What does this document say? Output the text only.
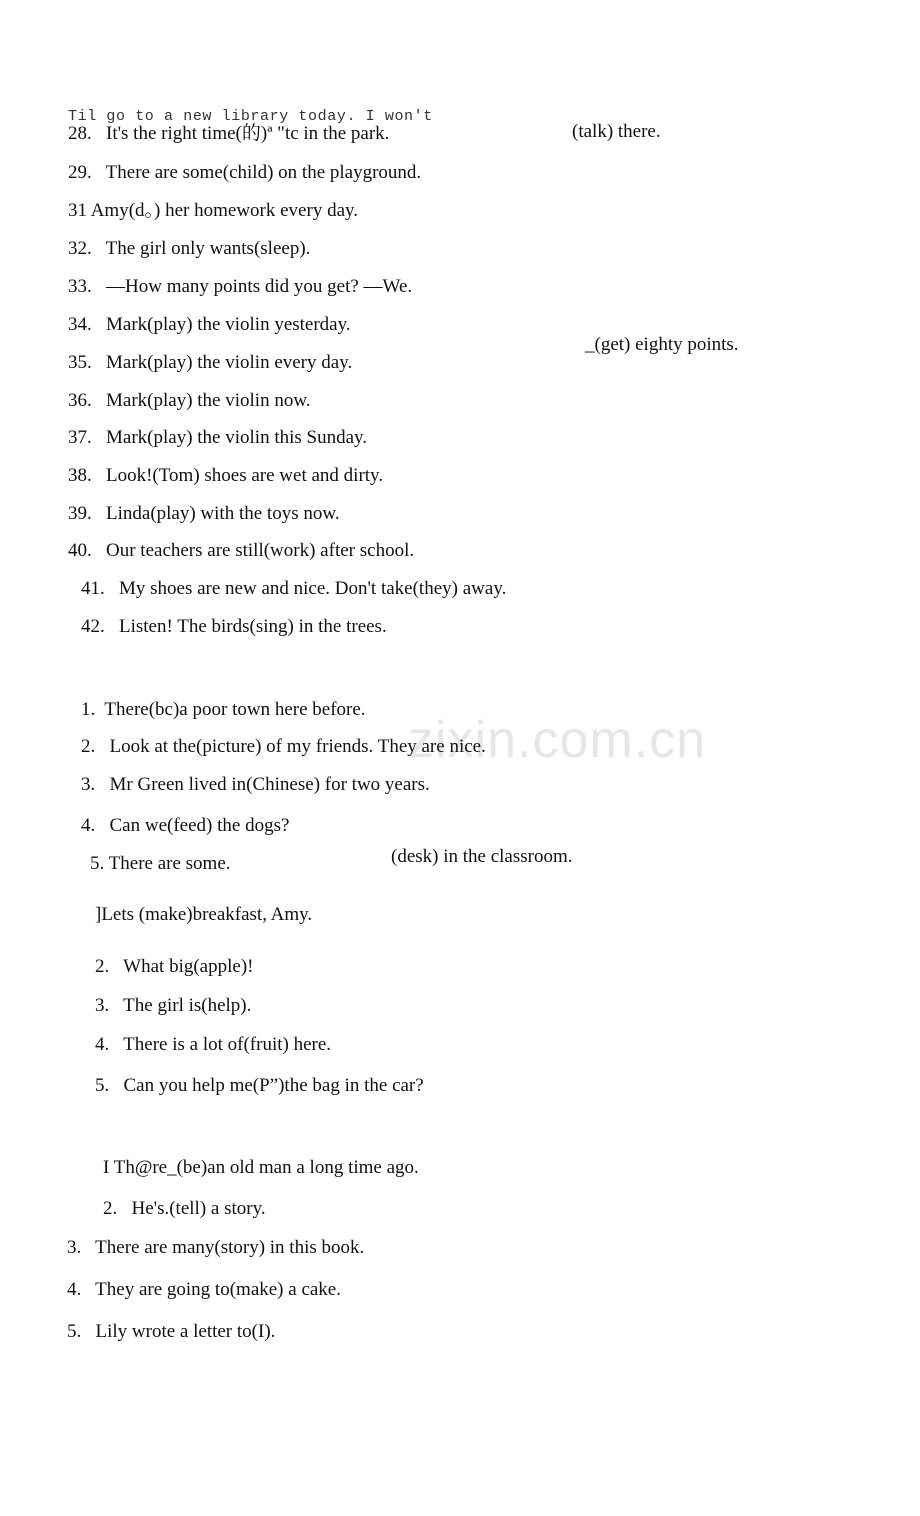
zixin.com.cn
Til go to a new library today. I won't
28. It's the right time(的)ª "tc in the park.	(talk) there.
29. There are some(child) on the playground.
31 Amy(d。) her homework every day.
32. The girl only wants(sleep).
33. —How many points did you get? —We.
34. Mark(play) the violin yesterday.
_(get) eighty points.
35. Mark(play) the violin every day.
36. Mark(play) the violin now.
37. Mark(play) the violin this Sunday.
38. Look!(Tom) shoes are wet and dirty.
39. Linda(play) with the toys now.
40. Our teachers are still(work) after school.
41. My shoes are new and nice. Don't take(they) away.
42. Listen! The birds(sing) in the trees.
1. There(bc)a poor town here before.
2. Look at the(picture) of my friends. They are nice.
3. Mr Green lived in(Chinese) for two years.
4. Can we(feed) the dogs?
5. There are some.	(desk) in the classroom.
]Lets (make)breakfast, Amy.
2. What big(apple)!
3. The girl is(help).
4. There is a lot of(fruit) here.
5. Can you help me(P”)the bag in the car?
I Th@re_(be)an old man a long time ago.
2. He's.(tell) a story.
3. There are many(story) in this book.
4. They are going to(make) a cake.
5. Lily wrote a letter to(I).
